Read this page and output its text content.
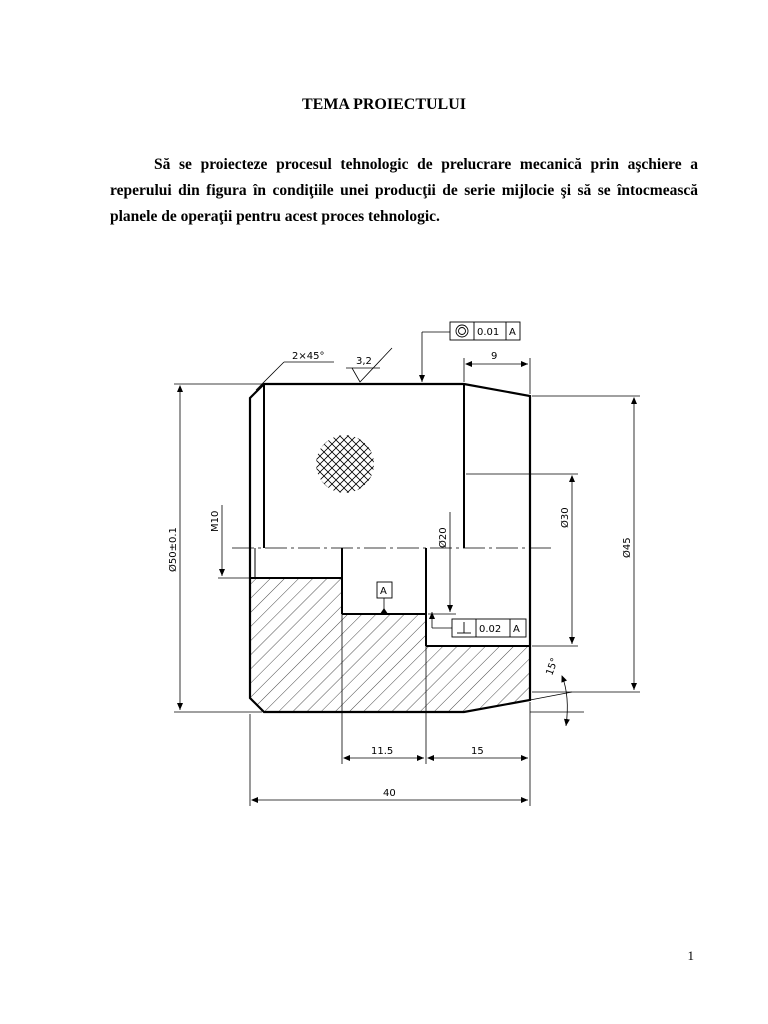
TEMA PROIECTULUI
Să se proiecteze procesul tehnologic de prelucrare mecanică prin aşchiere a reperului din figura în condiţiile unei producţii de serie mijlocie şi să se întocmească planele de operaţii pentru acest proces tehnologic.
0.01 A
0.02 A
A
2×45°	3,2	9
11.5	15
40
Ø50±0.1
M10
Ø20
Ø30
Ø45
15°
1
